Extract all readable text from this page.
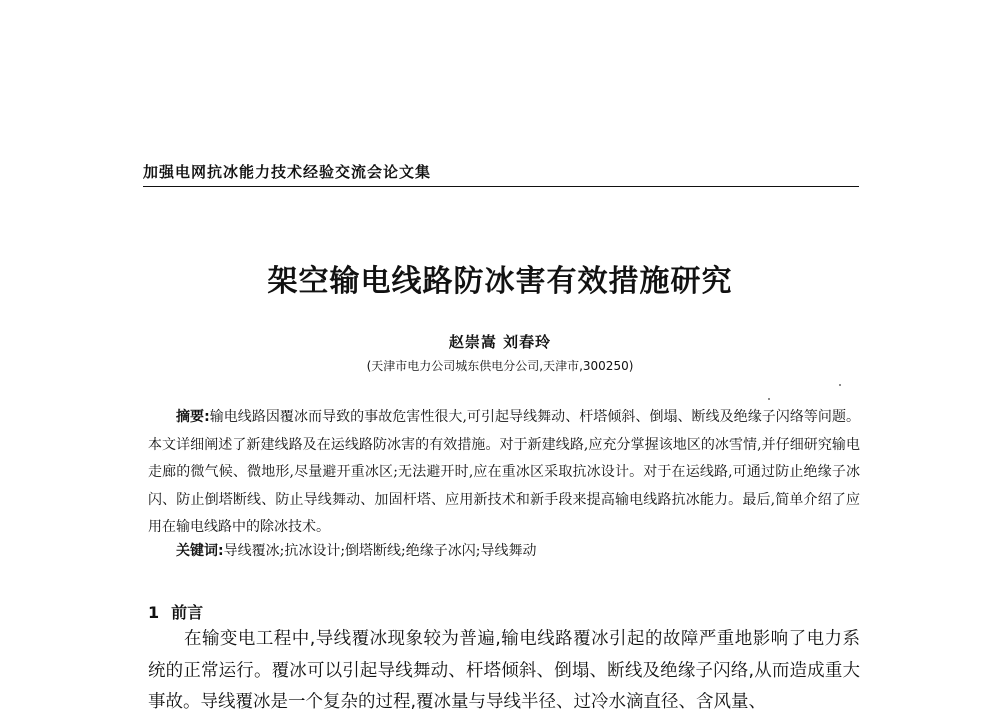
加强电网抗冰能力技术经验交流会论文集
架空输电线路防冰害有效措施研究
赵崇嵩 刘春玲
(天津市电力公司城东供电分公司,天津市,300250)

摘要:输电线路因覆冰而导致的事故危害性很大,可引起导线舞动、杆塔倾斜、倒塌、断线及绝缘子闪络等问题。本文详细阐述了新建线路及在运线路防冰害的有效措施。对于新建线路,应充分掌握该地区的冰雪情,并仔细研究输电走廊的微气候、微地形,尽量避开重冰区;无法避开时,应在重冰区采取抗冰设计。对于在运线路,可通过防止绝缘子冰闪、防止倒塔断线、防止导线舞动、加固杆塔、应用新技术和新手段来提高输电线路抗冰能力。最后,简单介绍了应用在输电线路中的除冰技术。

关键词:导线覆冰;抗冰设计;倒塔断线;绝缘子冰闪;导线舞动
1 前言

在输变电工程中,导线覆冰现象较为普遍,输电线路覆冰引起的故障严重地影响了电力系统的正常运行。覆冰可以引起导线舞动、杆塔倾斜、倒塌、断线及绝缘子闪络,从而造成重大事故。导线覆冰是一个复杂的过程,覆冰量与导线半径、过冷水滴直径、含风量、
